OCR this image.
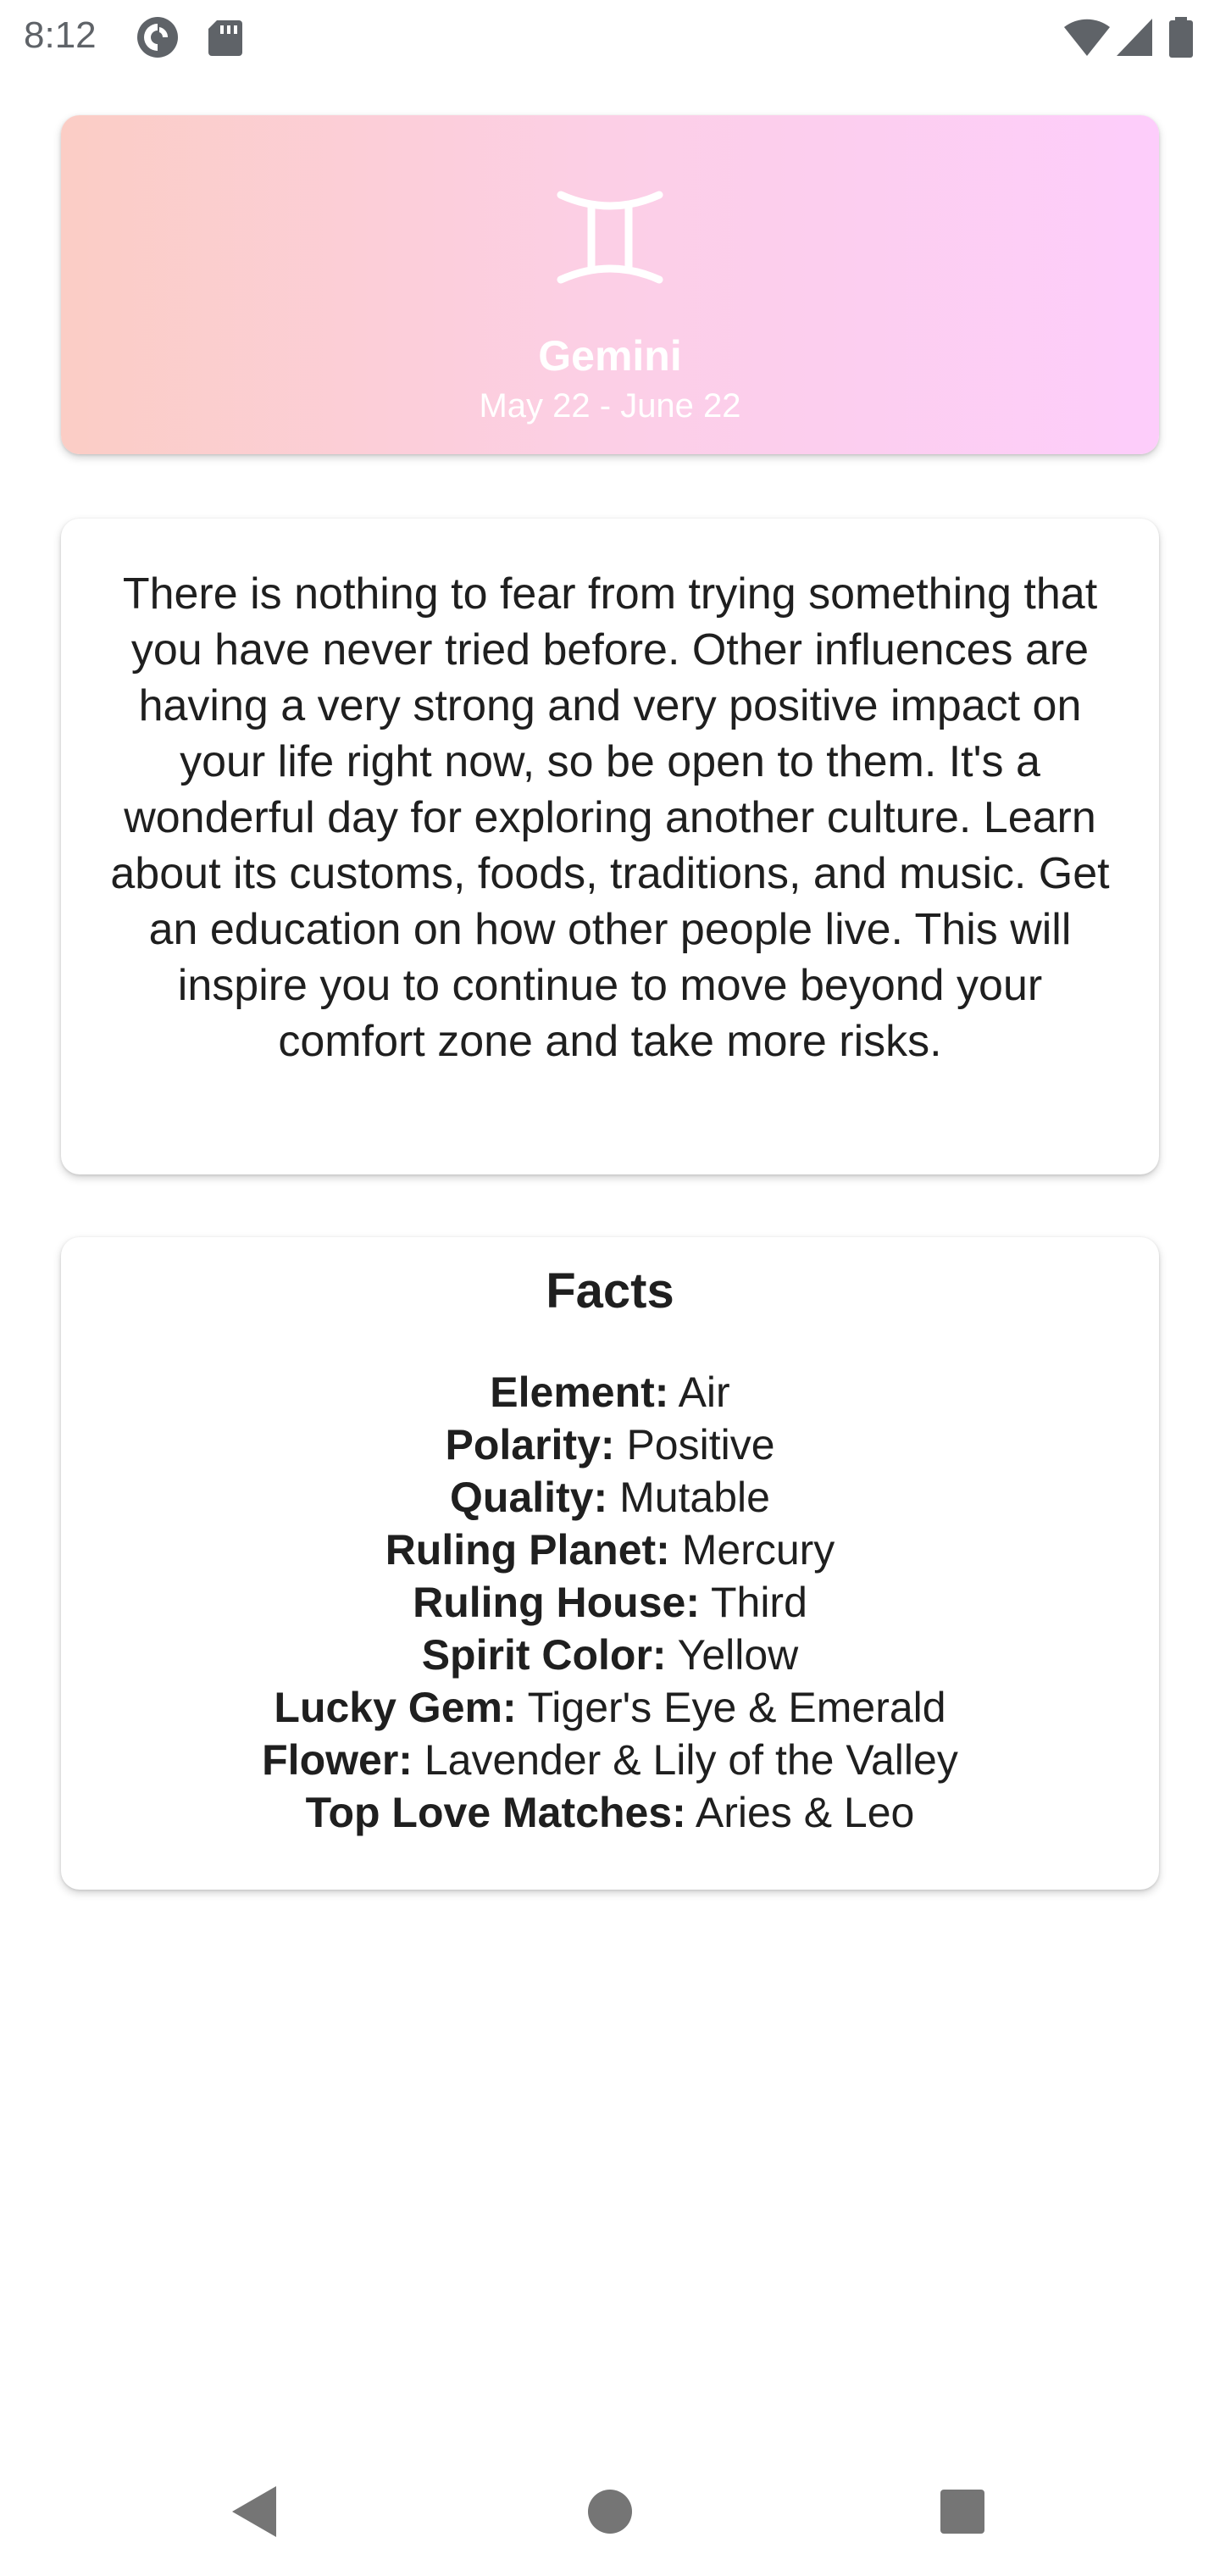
8:12
Gemini
May 22 - June 22

There is nothing to fear from trying something that you have never tried before. Other influences are having a very strong and very positive impact on your life right now, so be open to them. It's a wonderful day for exploring another culture. Learn about its customs, foods, traditions, and music. Get an education on how other people live. This will inspire you to continue to move beyond your comfort zone and take more risks.

Facts
Element: Air
Polarity: Positive
Quality: Mutable
Ruling Planet: Mercury
Ruling House: Third
Spirit Color: Yellow
Lucky Gem: Tiger's Eye & Emerald
Flower: Lavender & Lily of the Valley
Top Love Matches: Aries & Leo
